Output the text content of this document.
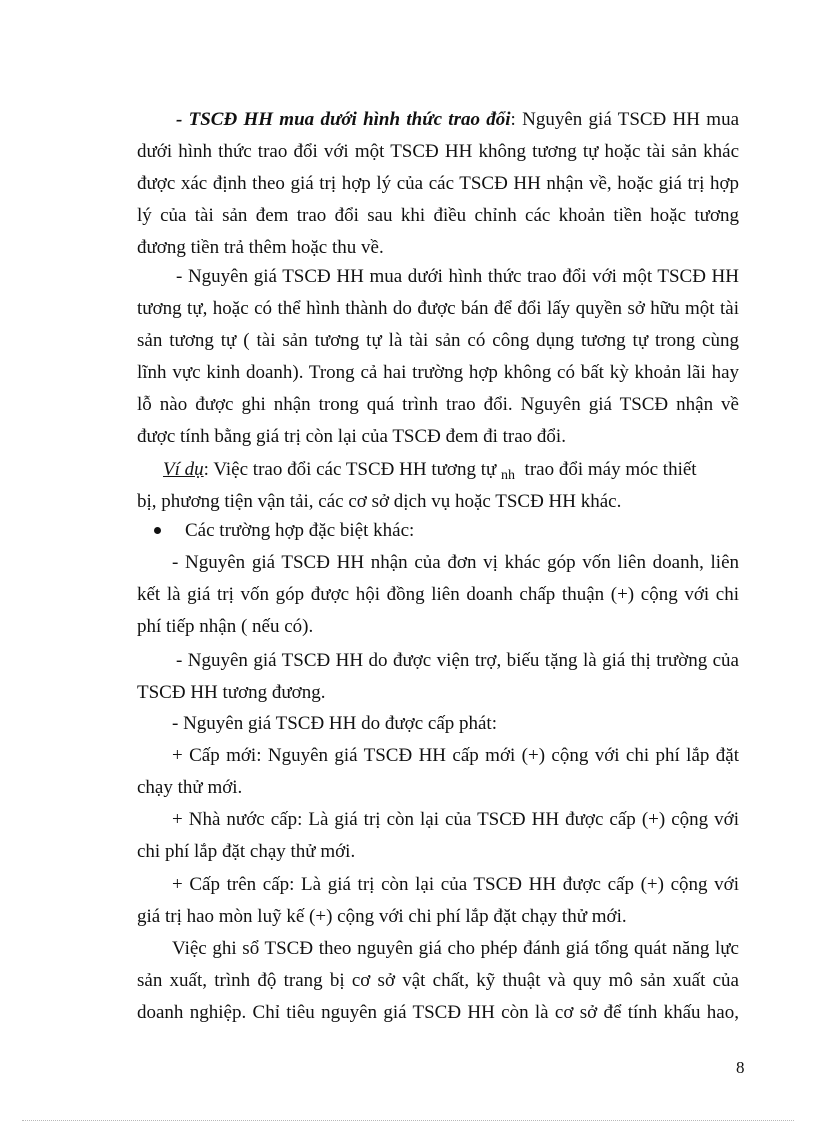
- TSCĐ HH mua dưới hình thức trao đổi: Nguyên giá TSCĐ HH mua
dưới hình thức trao đổi với một TSCĐ HH không tương tự hoặc tài sản khác
được xác định theo giá trị hợp lý của các TSCĐ HH nhận về, hoặc giá trị hợp
lý của tài sản đem trao đổi sau khi điều chỉnh các khoản tiền hoặc tương
đương tiền trả thêm hoặc thu về.
- Nguyên giá TSCĐ HH mua dưới hình thức trao đổi với một TSCĐ HH
tương tự, hoặc có thể hình thành do được bán để đổi lấy quyền sở hữu một tài
sản tương tự ( tài sản tương tự là tài sản có công dụng tương tự trong cùng
lĩnh vực kinh doanh). Trong cả hai trường hợp không có bất kỳ khoản lãi hay
lỗ nào được ghi nhận trong quá trình trao đổi. Nguyên giá TSCĐ nhận về
được tính bằng giá trị còn lại của TSCĐ đem đi trao đổi.
Ví dụ: Việc trao đổi các TSCĐ HH tương tự $_{nh}$ trao đổi máy móc thiết
bị, phương tiện vận tải, các cơ sở dịch vụ hoặc TSCĐ HH khác.
Các trường hợp đặc biệt khác:
- Nguyên giá TSCĐ HH nhận của đơn vị khác góp vốn liên doanh, liên
kết là giá trị vốn góp được hội đồng liên doanh chấp thuận (+) cộng với chi
phí tiếp nhận ( nếu có).
- Nguyên giá TSCĐ HH do được viện trợ, biếu tặng là giá thị trường của
TSCĐ HH tương đương.
- Nguyên giá TSCĐ HH do được cấp phát:
+ Cấp mới: Nguyên giá TSCĐ HH cấp mới (+) cộng với chi phí lắp đặt
chạy thử mới.
+ Nhà nước cấp: Là giá trị còn lại của TSCĐ HH được cấp (+) cộng với
chi phí lắp đặt chạy thử mới.
+ Cấp trên cấp: Là giá trị còn lại của TSCĐ HH được cấp (+) cộng với
giá trị hao mòn luỹ kế (+) cộng với chi phí lắp đặt chạy thử mới.
Việc ghi sổ TSCĐ theo nguyên giá cho phép đánh giá tổng quát năng lực
sản xuất, trình độ trang bị cơ sở vật chất, kỹ thuật và quy mô sản xuất của
doanh nghiệp. Chỉ tiêu nguyên giá TSCĐ HH còn là cơ sở để tính khấu hao,
8
